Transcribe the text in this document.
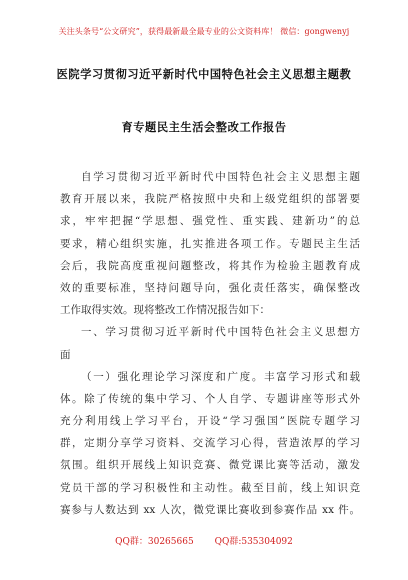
关注头条号“公文研究”，获得最新最全最专业的公文资料库！ 微信：gongwenyj
医院学习贯彻习近平新时代中国特色社会主义思想主题教
育专题民主生活会整改工作报告
自学习贯彻习近平新时代中国特色社会主义思想主题
教育开展以来，我院严格按照中央和上级党组织的部署要
求，牢牢把握“学思想、强党性、重实践、建新功”的总
要求，精心组织实施，扎实推进各项工作。专题民主生活
会后，我院高度重视问题整改，将其作为检验主题教育成
效的重要标准，坚持问题导向，强化责任落实，确保整改
工作取得实效。现将整改工作情况报告如下：
一、学习贯彻习近平新时代中国特色社会主义思想方
面
（一）强化理论学习深度和广度。丰富学习形式和载
体。除了传统的集中学习、个人自学、专题讲座等形式外
充分利用线上学习平台，开设“学习强国”医院专题学习
群，定期分享学习资料、交流学习心得，营造浓厚的学习
氛围。组织开展线上知识竞赛、微党课比赛等活动，激发
党员干部的学习积极性和主动性。截至目前，线上知识竞
赛参与人数达到 xx 人次，微党课比赛收到参赛作品 xx 件。
QQ群：30265665 QQ群:535304092
